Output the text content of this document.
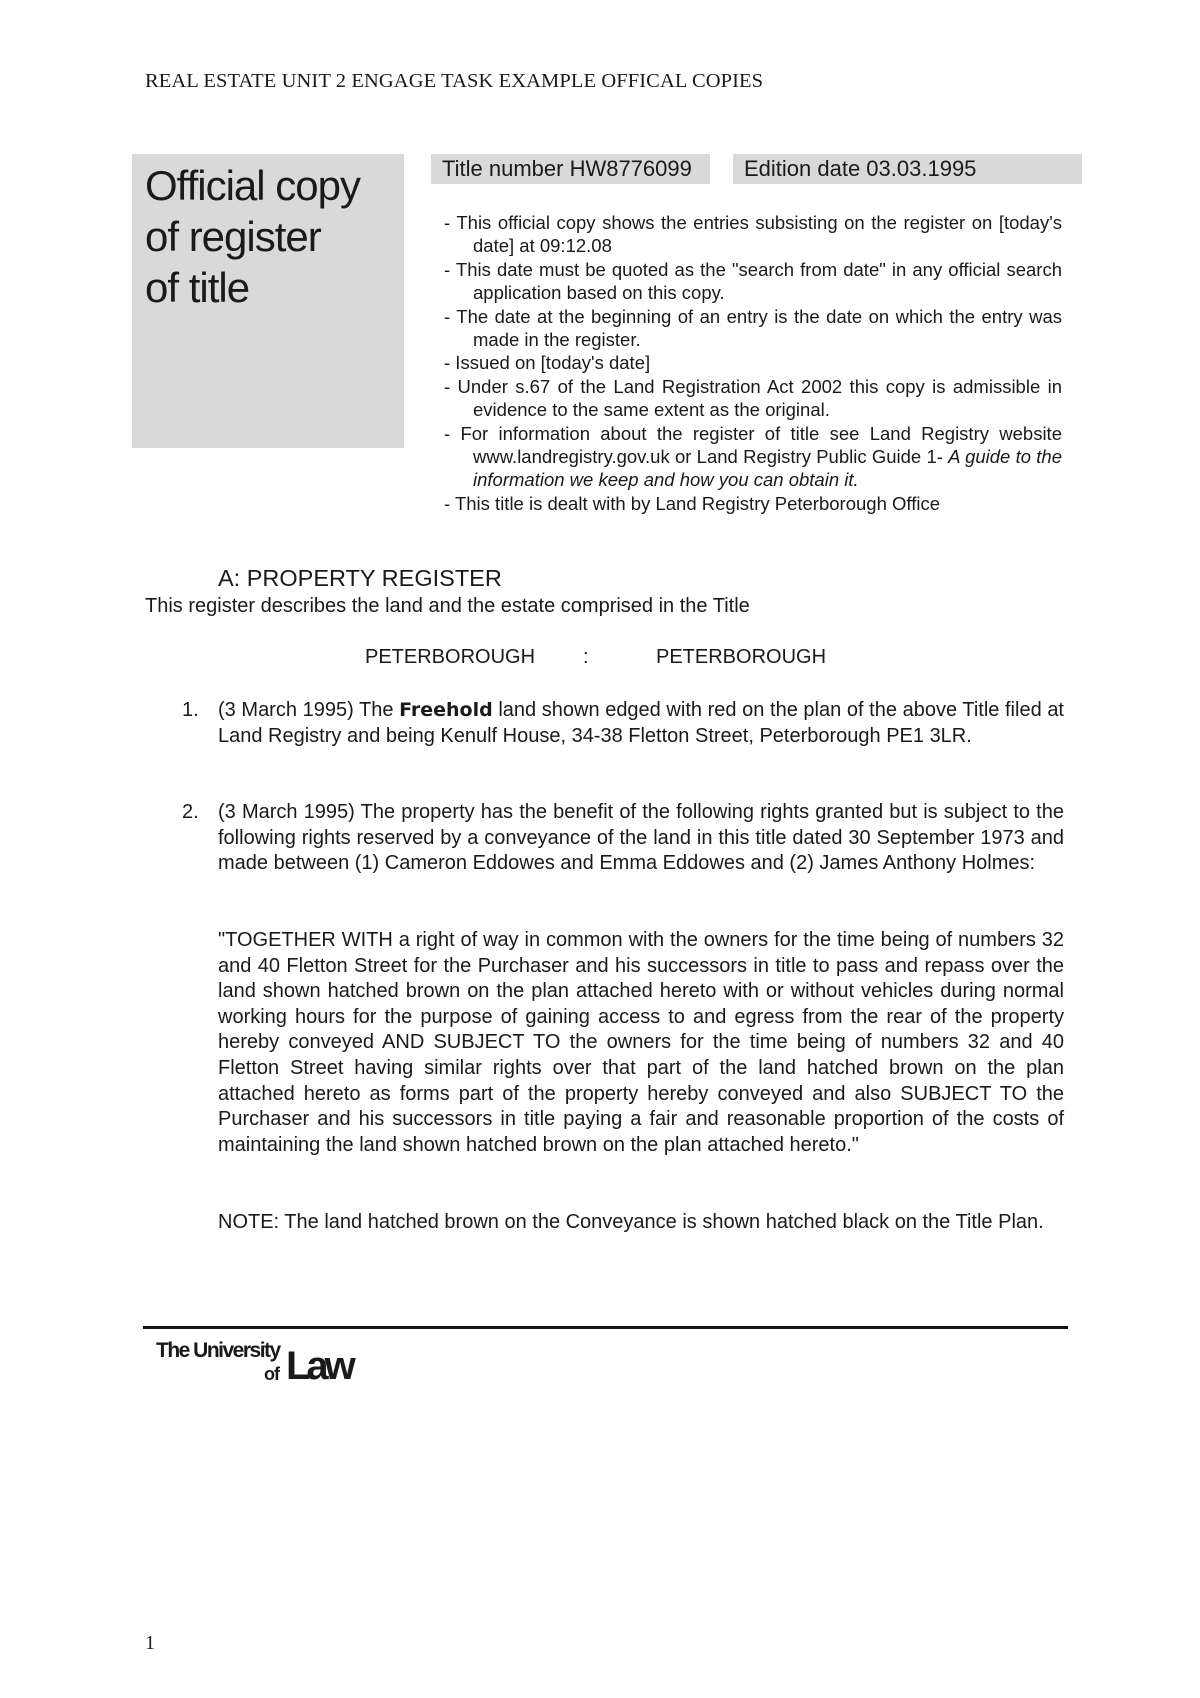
REAL ESTATE UNIT 2 ENGAGE TASK EXAMPLE OFFICAL COPIES
Official copy
of register
of title
Title number HW8776099	Edition date 03.03.1995

- This official copy shows the entries subsisting on the register on [today's date] at 09:12.08

- This date must be quoted as the "search from date" in any official search application based on this copy.

- The date at the beginning of an entry is the date on which the entry was made in the register.

- Issued on [today's date]

- Under s.67 of the Land Registration Act 2002 this copy is admissible in evidence to the same extent as the original.

- For information about the register of title see Land Registry website www.landregistry.gov.uk or Land Registry Public Guide 1- A guide to the information we keep and how you can obtain it.

- This title is dealt with by Land Registry Peterborough Office

A: PROPERTY REGISTER
This register describes the land and the estate comprised in the Title
PETERBOROUGH :	PETERBOROUGH
1. (3 March 1995) The Freehold land shown edged with red on the plan of the above Title filed at Land Registry and being Kenulf House, 34-38 Fletton Street, Peterborough PE1 3LR.

2. (3 March 1995) The property has the benefit of the following rights granted but is subject to the following rights reserved by a conveyance of the land in this title dated 30 September 1973 and made between (1) Cameron Eddowes and Emma Eddowes and (2) James Anthony Holmes:

"TOGETHER WITH a right of way in common with the owners for the time being of numbers 32 and 40 Fletton Street for the Purchaser and his successors in title to pass and repass over the land shown hatched brown on the plan attached hereto with or without vehicles during normal working hours for the purpose of gaining access to and egress from the rear of the property hereby conveyed AND SUBJECT TO the owners for the time being of numbers 32 and 40 Fletton Street having similar rights over that part of the land hatched brown on the plan attached hereto as forms part of the property hereby conveyed and also SUBJECT TO the Purchaser and his successors in title paying a fair and reasonable proportion of the costs of maintaining the land shown hatched brown on the plan attached hereto."

NOTE: The land hatched brown on the Conveyance is shown hatched black on the Title Plan.

The University
of Law
1
